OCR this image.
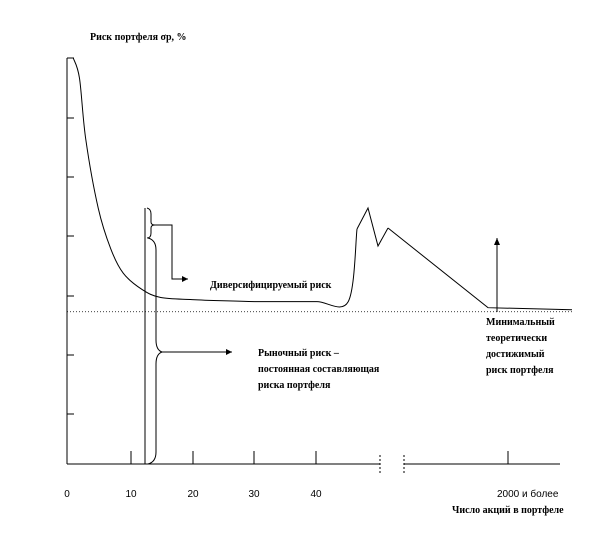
Риск портфеля σp, %
0	10	20	30	40	2000 и более
Диверсифицируемый риск
Рыночный риск –
постоянная составляющая
риска портфеля
Минимальный
теоретически
достижимый
риск портфеля
Число акций в портфеле
